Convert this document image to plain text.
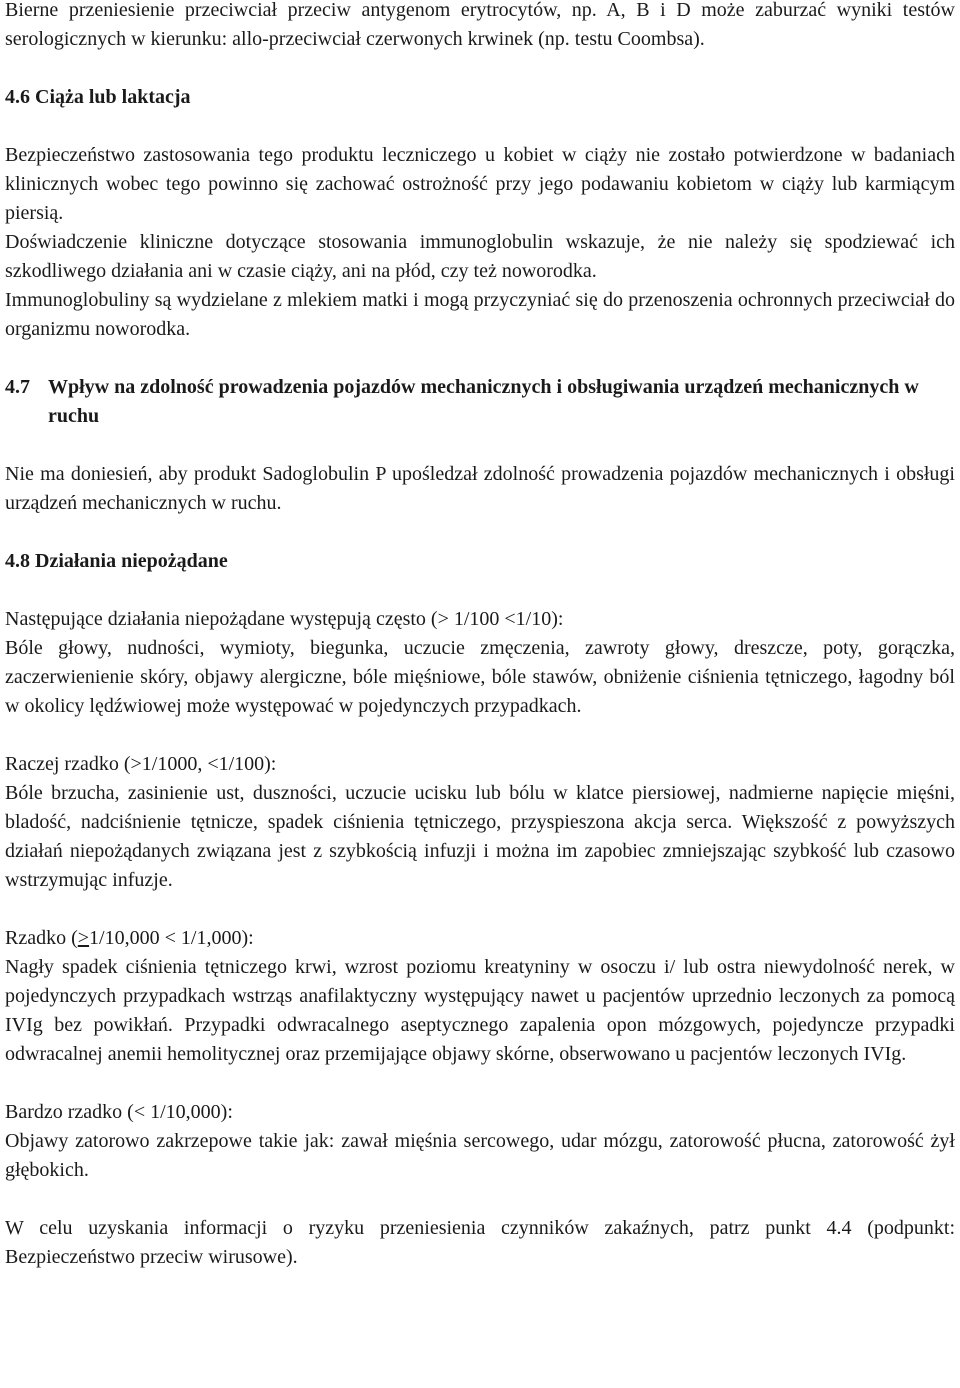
Bierne przeniesienie przeciwciał przeciw antygenom erytrocytów, np. A, B i D może zaburzać wyniki testów serologicznych w kierunku: allo-przeciwciał czerwonych krwinek (np. testu Coombsa).

4.6 Ciąża lub laktacja

Bezpieczeństwo zastosowania tego produktu leczniczego u kobiet w ciąży nie zostało potwierdzone w badaniach klinicznych wobec tego powinno się zachować ostrożność przy jego podawaniu kobietom w ciąży lub karmiącym piersią.

Doświadczenie kliniczne dotyczące stosowania immunoglobulin wskazuje, że nie należy się spodziewać ich szkodliwego działania ani w czasie ciąży, ani na płód, czy też noworodka.

Immunoglobuliny są wydzielane z mlekiem matki i mogą przyczyniać się do przenoszenia ochronnych przeciwciał do organizmu noworodka.

4.7 Wpływ na zdolność prowadzenia pojazdów mechanicznych i obsługiwania urządzeń mechanicznych w ruchu

Nie ma doniesień, aby produkt Sadoglobulin P upośledzał zdolność prowadzenia pojazdów mechanicznych i obsługi urządzeń mechanicznych w ruchu.

4.8 Działania niepożądane

Następujące działania niepożądane występują często (> 1/100 <1/10):

Bóle głowy, nudności, wymioty, biegunka, uczucie zmęczenia, zawroty głowy, dreszcze, poty, gorączka, zaczerwienienie skóry, objawy alergiczne, bóle mięśniowe, bóle stawów, obniżenie ciśnienia tętniczego, łagodny ból w okolicy lędźwiowej może występować w pojedynczych przypadkach.

Raczej rzadko (>1/1000, <1/100):

Bóle brzucha, zasinienie ust, duszności, uczucie ucisku lub bólu w klatce piersiowej, nadmierne napięcie mięśni, bladość, nadciśnienie tętnicze, spadek ciśnienia tętniczego, przyspieszona akcja serca. Większość z powyższych działań niepożądanych związana jest z szybkością infuzji i można im zapobiec zmniejszając szybkość lub czasowo wstrzymując infuzje.

Rzadko (>1/10,000 < 1/1,000):

Nagły spadek ciśnienia tętniczego krwi, wzrost poziomu kreatyniny w osoczu i/ lub ostra niewydolność nerek, w pojedynczych przypadkach wstrząs anafilaktyczny występujący nawet u pacjentów uprzednio leczonych za pomocą IVIg bez powikłań. Przypadki odwracalnego aseptycznego zapalenia opon mózgowych, pojedyncze przypadki odwracalnej anemii hemolitycznej oraz przemijające objawy skórne, obserwowano u pacjentów leczonych IVIg.

Bardzo rzadko (< 1/10,000):

Objawy zatorowo zakrzepowe takie jak: zawał mięśnia sercowego, udar mózgu, zatorowość płucna, zatorowość żył głębokich.

W celu uzyskania informacji o ryzyku przeniesienia czynników zakaźnych, patrz punkt 4.4 (podpunkt: Bezpieczeństwo przeciw wirusowe).
